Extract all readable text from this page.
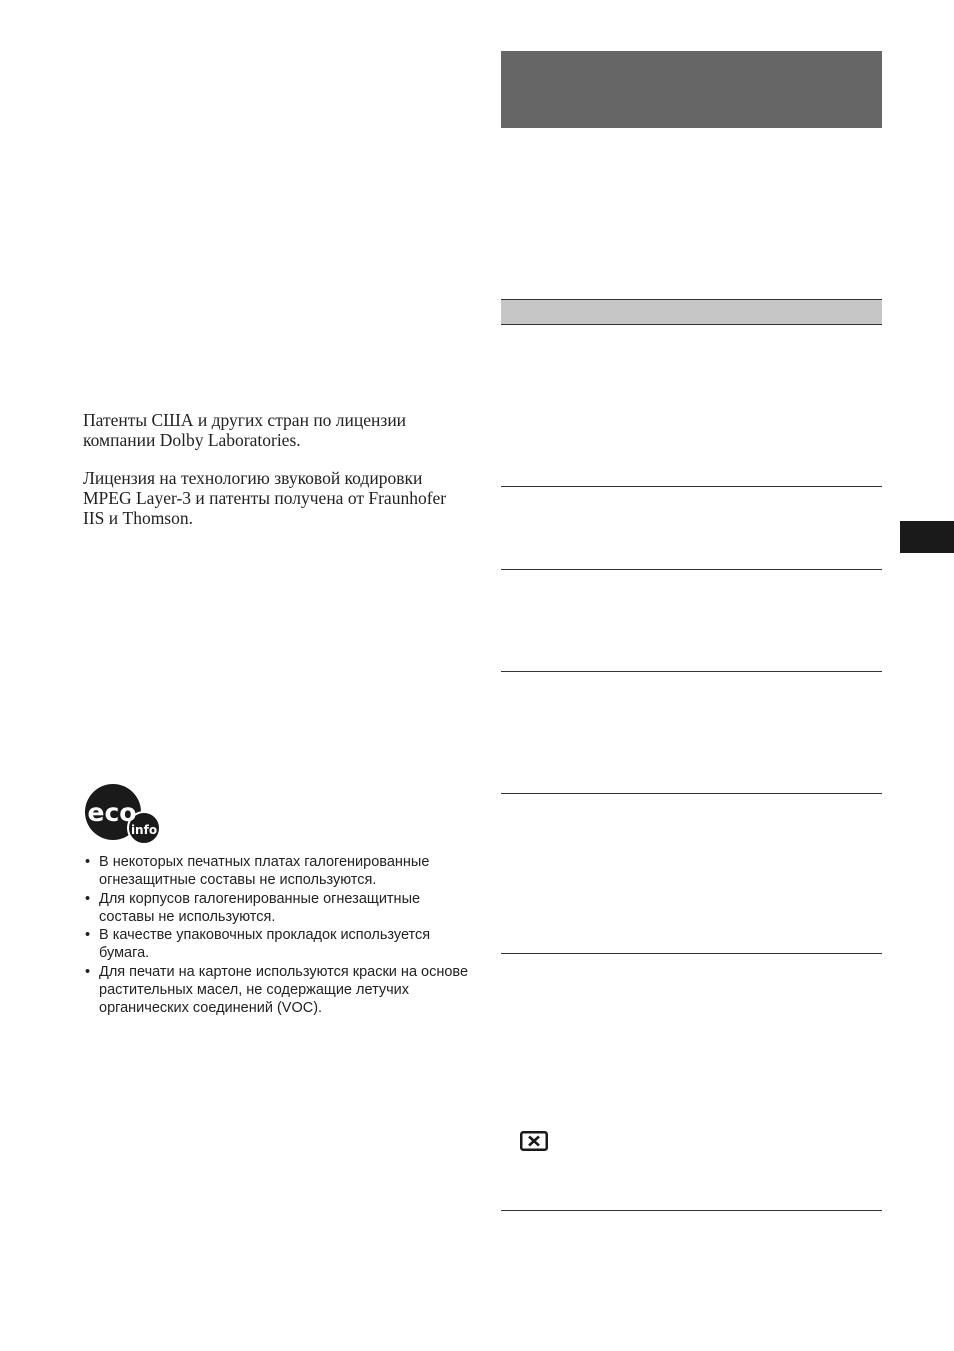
Патенты США и других стран по лицензии компании Dolby Laboratories.

Лицензия на технологию звуковой кодировки MPEG Layer-3 и патенты получена от Fraunhofer IIS и Thomson.

eco
info
• В некоторых печатных платах галогенированные огнезащитные составы не используются.
• Для корпусов галогенированные огнезащитные составы не используются.
• В качестве упаковочных прокладок используется бумага.
• Для печати на картоне используются краски на основе растительных масел, не содержащие летучих органических соединений (VOC).
